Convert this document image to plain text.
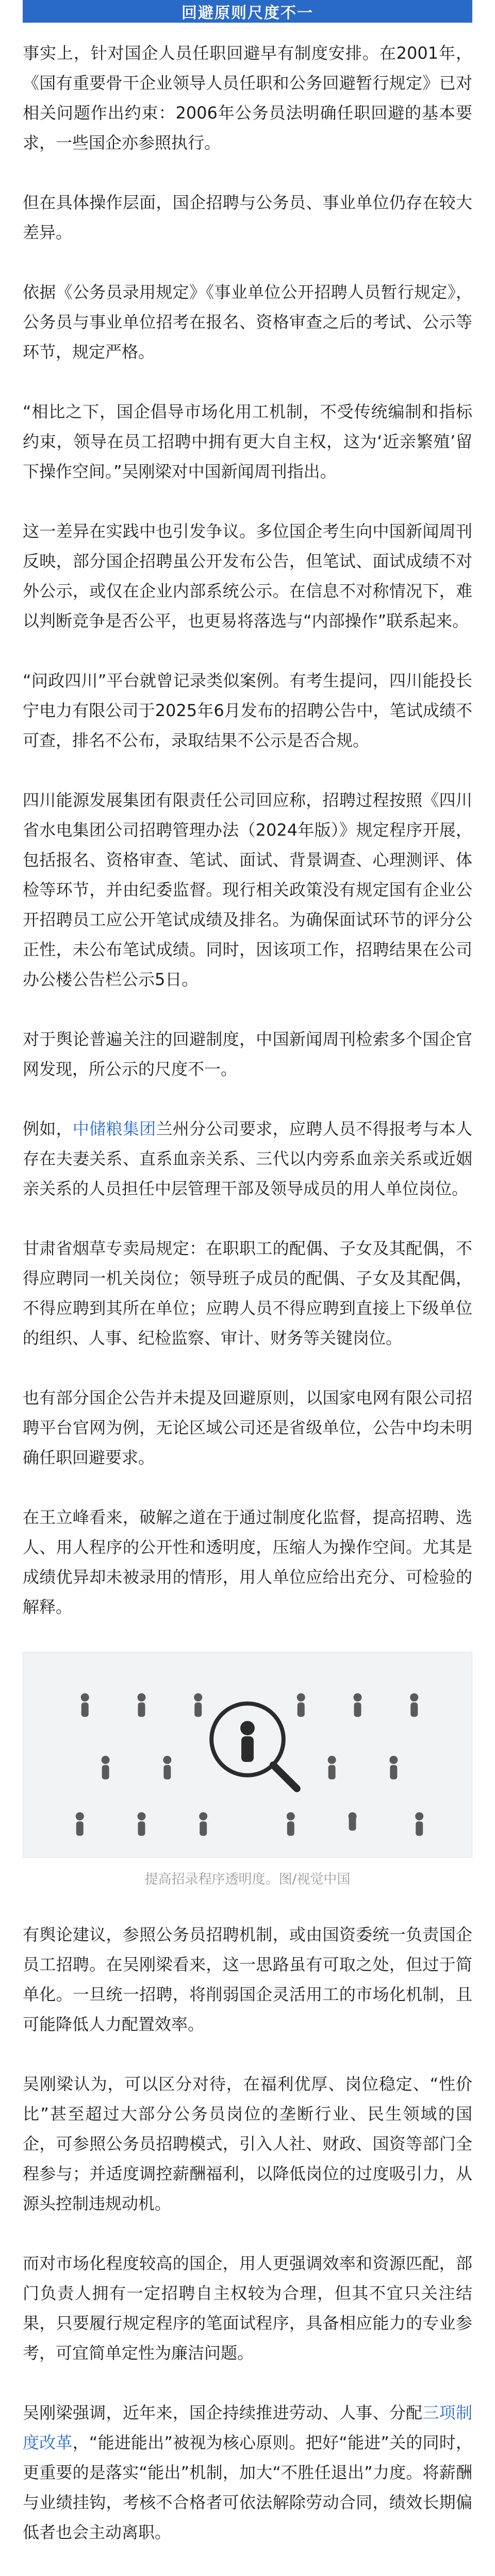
回避原则尺度不一

事实上，针对国企人员任职回避早有制度安排。在2001年，《国有重要骨干企业领导人员任职和公务回避暂行规定》已对相关问题作出约束：2006年公务员法明确任职回避的基本要求，一些国企亦参照执行。

但在具体操作层面，国企招聘与公务员、事业单位仍存在较大差异。

依据《公务员录用规定》《事业单位公开招聘人员暂行规定》，公务员与事业单位招考在报名、资格审查之后的考试、公示等环节，规定严格。

“相比之下，国企倡导市场化用工机制，不受传统编制和指标约束，领导在员工招聘中拥有更大自主权，这为‘近亲繁殖’留下操作空间。”吴刚梁对中国新闻周刊指出。

这一差异在实践中也引发争议。多位国企考生向中国新闻周刊反映，部分国企招聘虽公开发布公告，但笔试、面试成绩不对外公示，或仅在企业内部系统公示。在信息不对称情况下，难以判断竞争是否公平，也更易将落选与“内部操作”联系起来。

“问政四川”平台就曾记录类似案例。有考生提问，四川能投长宁电力有限公司于2025年6月发布的招聘公告中，笔试成绩不可查，排名不公布，录取结果不公示是否合规。

四川能源发展集团有限责任公司回应称，招聘过程按照《四川省水电集团公司招聘管理办法（2024年版）》规定程序开展，包括报名、资格审查、笔试、面试、背景调查、心理测评、体检等环节，并由纪委监督。现行相关政策没有规定国有企业公开招聘员工应公开笔试成绩及排名。为确保面试环节的评分公正性，未公布笔试成绩。同时，因该项工作，招聘结果在公司办公楼公告栏公示5日。

对于舆论普遍关注的回避制度，中国新闻周刊检索多个国企官网发现，所公示的尺度不一。

例如，中储粮集团兰州分公司要求，应聘人员不得报考与本人存在夫妻关系、直系血亲关系、三代以内旁系血亲关系或近姻亲关系的人员担任中层管理干部及领导成员的用人单位岗位。

甘肃省烟草专卖局规定：在职职工的配偶、子女及其配偶，不得应聘同一机关岗位；领导班子成员的配偶、子女及其配偶，不得应聘到其所在单位；应聘人员不得应聘到直接上下级单位的组织、人事、纪检监察、审计、财务等关键岗位。

也有部分国企公告并未提及回避原则，以国家电网有限公司招聘平台官网为例，无论区域公司还是省级单位，公告中均未明确任职回避要求。

在王立峰看来，破解之道在于通过制度化监督，提高招聘、选人、用人程序的公开性和透明度，压缩人为操作空间。尤其是成绩优异却未被录用的情形，用人单位应给出充分、可检验的解释。

提高招录程序透明度。图/视觉中国

有舆论建议，参照公务员招聘机制，或由国资委统一负责国企员工招聘。在吴刚梁看来，这一思路虽有可取之处，但过于简单化。一旦统一招聘，将削弱国企灵活用工的市场化机制，且可能降低人力配置效率。

吴刚梁认为，可以区分对待，在福利优厚、岗位稳定、“性价比”甚至超过大部分公务员岗位的垄断行业、民生领域的国企，可参照公务员招聘模式，引入人社、财政、国资等部门全程参与；并适度调控薪酬福利，以降低岗位的过度吸引力，从源头控制违规动机。

而对市场化程度较高的国企，用人更强调效率和资源匹配，部门负责人拥有一定招聘自主权较为合理，但其不宜只关注结果，只要履行规定程序的笔面试程序，具备相应能力的专业参考，可宜简单定性为廉洁问题。

吴刚梁强调，近年来，国企持续推进劳动、人事、分配三项制度改革，“能进能出”被视为核心原则。把好“能进”关的同时，更重要的是落实“能出”机制，加大“不胜任退出”力度。将薪酬与业绩挂钩，考核不合格者可依法解除劳动合同，绩效长期偏低者也会主动离职。
